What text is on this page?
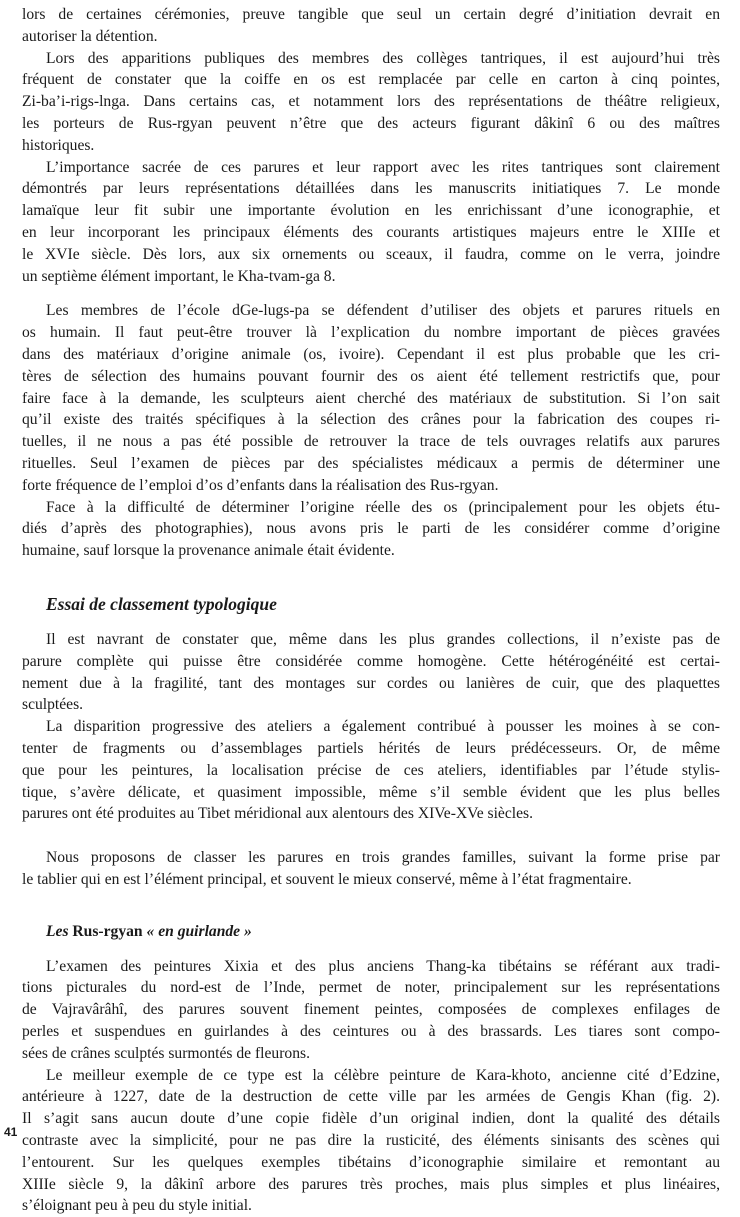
lors de certaines cérémonies, preuve tangible que seul un certain degré d’initiation devrait en
autoriser la détention.

Lors des apparitions publiques des membres des collèges tantriques, il est aujourd’hui très
fréquent de constater que la coiffe en os est remplacée par celle en carton à cinq pointes,
Zi-ba’i-rigs-lnga. Dans certains cas, et notamment lors des représentations de théâtre religieux,
les porteurs de Rus-rgyan peuvent n’être que des acteurs figurant dâkinî 6 ou des maîtres
historiques.

L’importance sacrée de ces parures et leur rapport avec les rites tantriques sont clairement
démontrés par leurs représentations détaillées dans les manuscrits initiatiques 7. Le monde
lamaïque leur fit subir une importante évolution en les enrichissant d’une iconographie, et
en leur incorporant les principaux éléments des courants artistiques majeurs entre le XIIIe et
le XVIe siècle. Dès lors, aux six ornements ou sceaux, il faudra, comme on le verra, joindre
un septième élément important, le Kha-tvam-ga 8.

Les membres de l’école dGe-lugs-pa se défendent d’utiliser des objets et parures rituels en
os humain. Il faut peut-être trouver là l’explication du nombre important de pièces gravées
dans des matériaux d’origine animale (os, ivoire). Cependant il est plus probable que les cri-
tères de sélection des humains pouvant fournir des os aient été tellement restrictifs que, pour
faire face à la demande, les sculpteurs aient cherché des matériaux de substitution. Si l’on sait
qu’il existe des traités spécifiques à la sélection des crânes pour la fabrication des coupes ri-
tuelles, il ne nous a pas été possible de retrouver la trace de tels ouvrages relatifs aux parures
rituelles. Seul l’examen de pièces par des spécialistes médicaux a permis de déterminer une
forte fréquence de l’emploi d’os d’enfants dans la réalisation des Rus-rgyan.

Face à la difficulté de déterminer l’origine réelle des os (principalement pour les objets étu-
diés d’après des photographies), nous avons pris le parti de les considérer comme d’origine
humaine, sauf lorsque la provenance animale était évidente.

Essai de classement typologique

Il est navrant de constater que, même dans les plus grandes collections, il n’existe pas de
parure complète qui puisse être considérée comme homogène. Cette hétérogénéité est certai-
nement due à la fragilité, tant des montages sur cordes ou lanières de cuir, que des plaquettes
sculptées.

La disparition progressive des ateliers a également contribué à pousser les moines à se con-
tenter de fragments ou d’assemblages partiels hérités de leurs prédécesseurs. Or, de même
que pour les peintures, la localisation précise de ces ateliers, identifiables par l’étude stylis-
tique, s’avère délicate, et quasiment impossible, même s’il semble évident que les plus belles
parures ont été produites au Tibet méridional aux alentours des XIVe-XVe siècles.

Nous proposons de classer les parures en trois grandes familles, suivant la forme prise par
le tablier qui en est l’élément principal, et souvent le mieux conservé, même à l’état fragmentaire.

Les Rus-rgyan « en guirlande »

L’examen des peintures Xixia et des plus anciens Thang-ka tibétains se référant aux tradi-
tions picturales du nord-est de l’Inde, permet de noter, principalement sur les représentations
de Vajravârâhî, des parures souvent finement peintes, composées de complexes enfilages de
perles et suspendues en guirlandes à des ceintures ou à des brassards. Les tiares sont compo-
sées de crânes sculptés surmontés de fleurons.

Le meilleur exemple de ce type est la célèbre peinture de Kara-khoto, ancienne cité d’Edzine,
antérieure à 1227, date de la destruction de cette ville par les armées de Gengis Khan (fig. 2).
Il s’agit sans aucun doute d’une copie fidèle d’un original indien, dont la qualité des détails
contraste avec la simplicité, pour ne pas dire la rusticité, des éléments sinisants des scènes qui
l’entourent. Sur les quelques exemples tibétains d’iconographie similaire et remontant au
XIIIe siècle 9, la dâkinî arbore des parures très proches, mais plus simples et plus linéaires,
s’éloignant peu à peu du style initial.

41
